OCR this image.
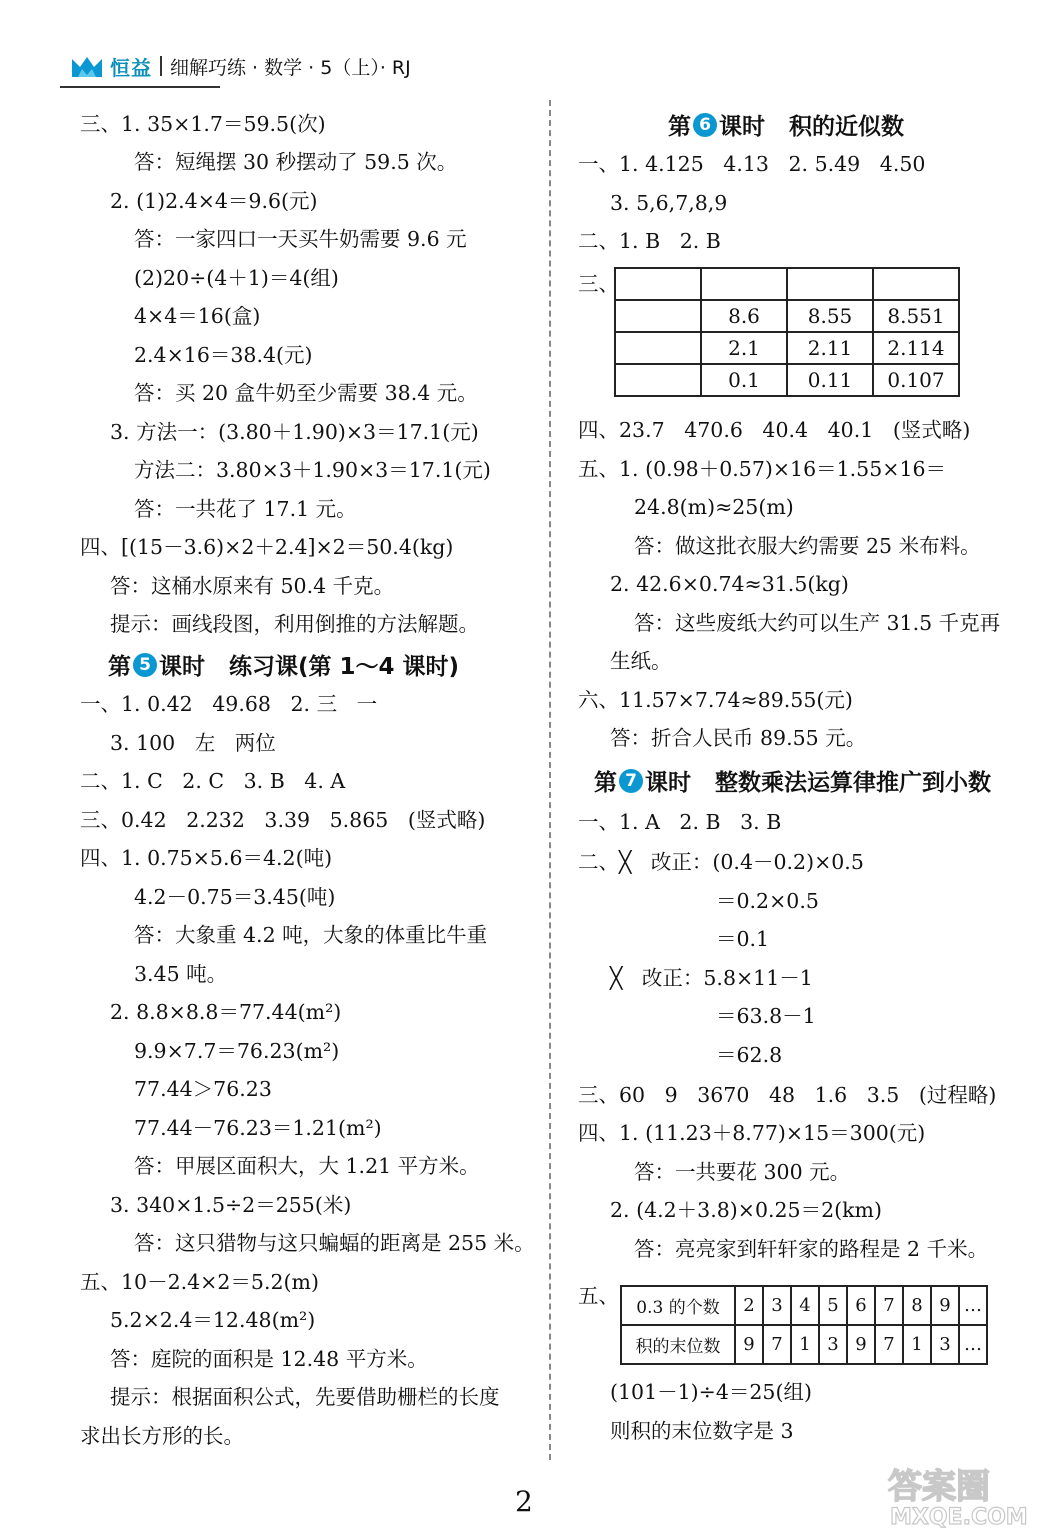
恒益 细解巧练 · 数学 · 5（上）· RJ
三、1. 35×1.7＝59.5(次)
答：短绳摆 30 秒摆动了 59.5 次。
2. (1)2.4×4＝9.6(元)
答：一家四口一天买牛奶需要 9.6 元
(2)20÷(4＋1)＝4(组)
4×4＝16(盒)
2.4×16＝38.4(元)
答：买 20 盒牛奶至少需要 38.4 元。
3. 方法一：(3.80＋1.90)×3＝17.1(元)
方法二：3.80×3＋1.90×3＝17.1(元)
答：一共花了 17.1 元。
四、[(15－3.6)×2＋2.4]×2＝50.4(kg)
答：这桶水原来有 50.4 千克。
提示：画线段图，利用倒推的方法解题。
第 5 课时   练习课(第 1～4 课时)
一、1. 0.42   49.68   2. 三   一
3. 100   左   两位
二、1. C   2. C   3. B   4. A
三、0.42   2.232   3.39   5.865   (竖式略)
四、1. 0.75×5.6＝4.2(吨)
4.2－0.75＝3.45(吨)
答：大象重 4.2 吨，大象的体重比牛重
3.45 吨。
2. 8.8×8.8＝77.44(m²)
9.9×7.7＝76.23(m²)
77.44＞76.23
77.44－76.23＝1.21(m²)
答：甲展区面积大，大 1.21 平方米。
3. 340×1.5÷2＝255(米)
答：这只猎物与这只蝙蝠的距离是 255 米。
五、10－2.4×2＝5.2(m)
5.2×2.4＝12.48(m²)
答：庭院的面积是 12.48 平方米。
提示：根据面积公式，先要借助栅栏的长度
求出长方形的长。
第 6 课时   积的近似数
一、1. 4.125   4.13   2. 5.49   4.50
3. 5,6,7,8,9
二、1. B   2. B
三、

	8.6	8.55	8.551
	2.1	2.11	2.114
	0.1	0.11	0.107
四、23.7   470.6   40.4   40.1   (竖式略)
五、1. (0.98＋0.57)×16＝1.55×16＝
24.8(m)≈25(m)
答：做这批衣服大约需要 25 米布料。
2. 42.6×0.74≈31.5(kg)
答：这些废纸大约可以生产 31.5 千克再
生纸。
六、11.57×7.74≈89.55(元)
答：折合人民币 89.55 元。
第 7 课时   整数乘法运算律推广到小数
一、1. A   2. B   3. B
二、╳   改正：(0.4－0.2)×0.5
＝0.2×0.5
＝0.1
╳   改正：5.8×11－1
＝63.8－1
＝62.8
三、60   9   3670   48   1.6   3.5   (过程略)
四、1. (11.23＋8.77)×15＝300(元)
答：一共要花 300 元。
2. (4.2＋3.8)×0.25＝2(km)
答：亮亮家到轩轩家的路程是 2 千米。
五、 0.3 的个数	2	3	4	5	6	7	8	9	…
积的末位数	9	7	1	3	9	7	1	3	…
(101－1)÷4＝25(组)
则积的末位数字是 3
2	答案圈
MXQE.COM
